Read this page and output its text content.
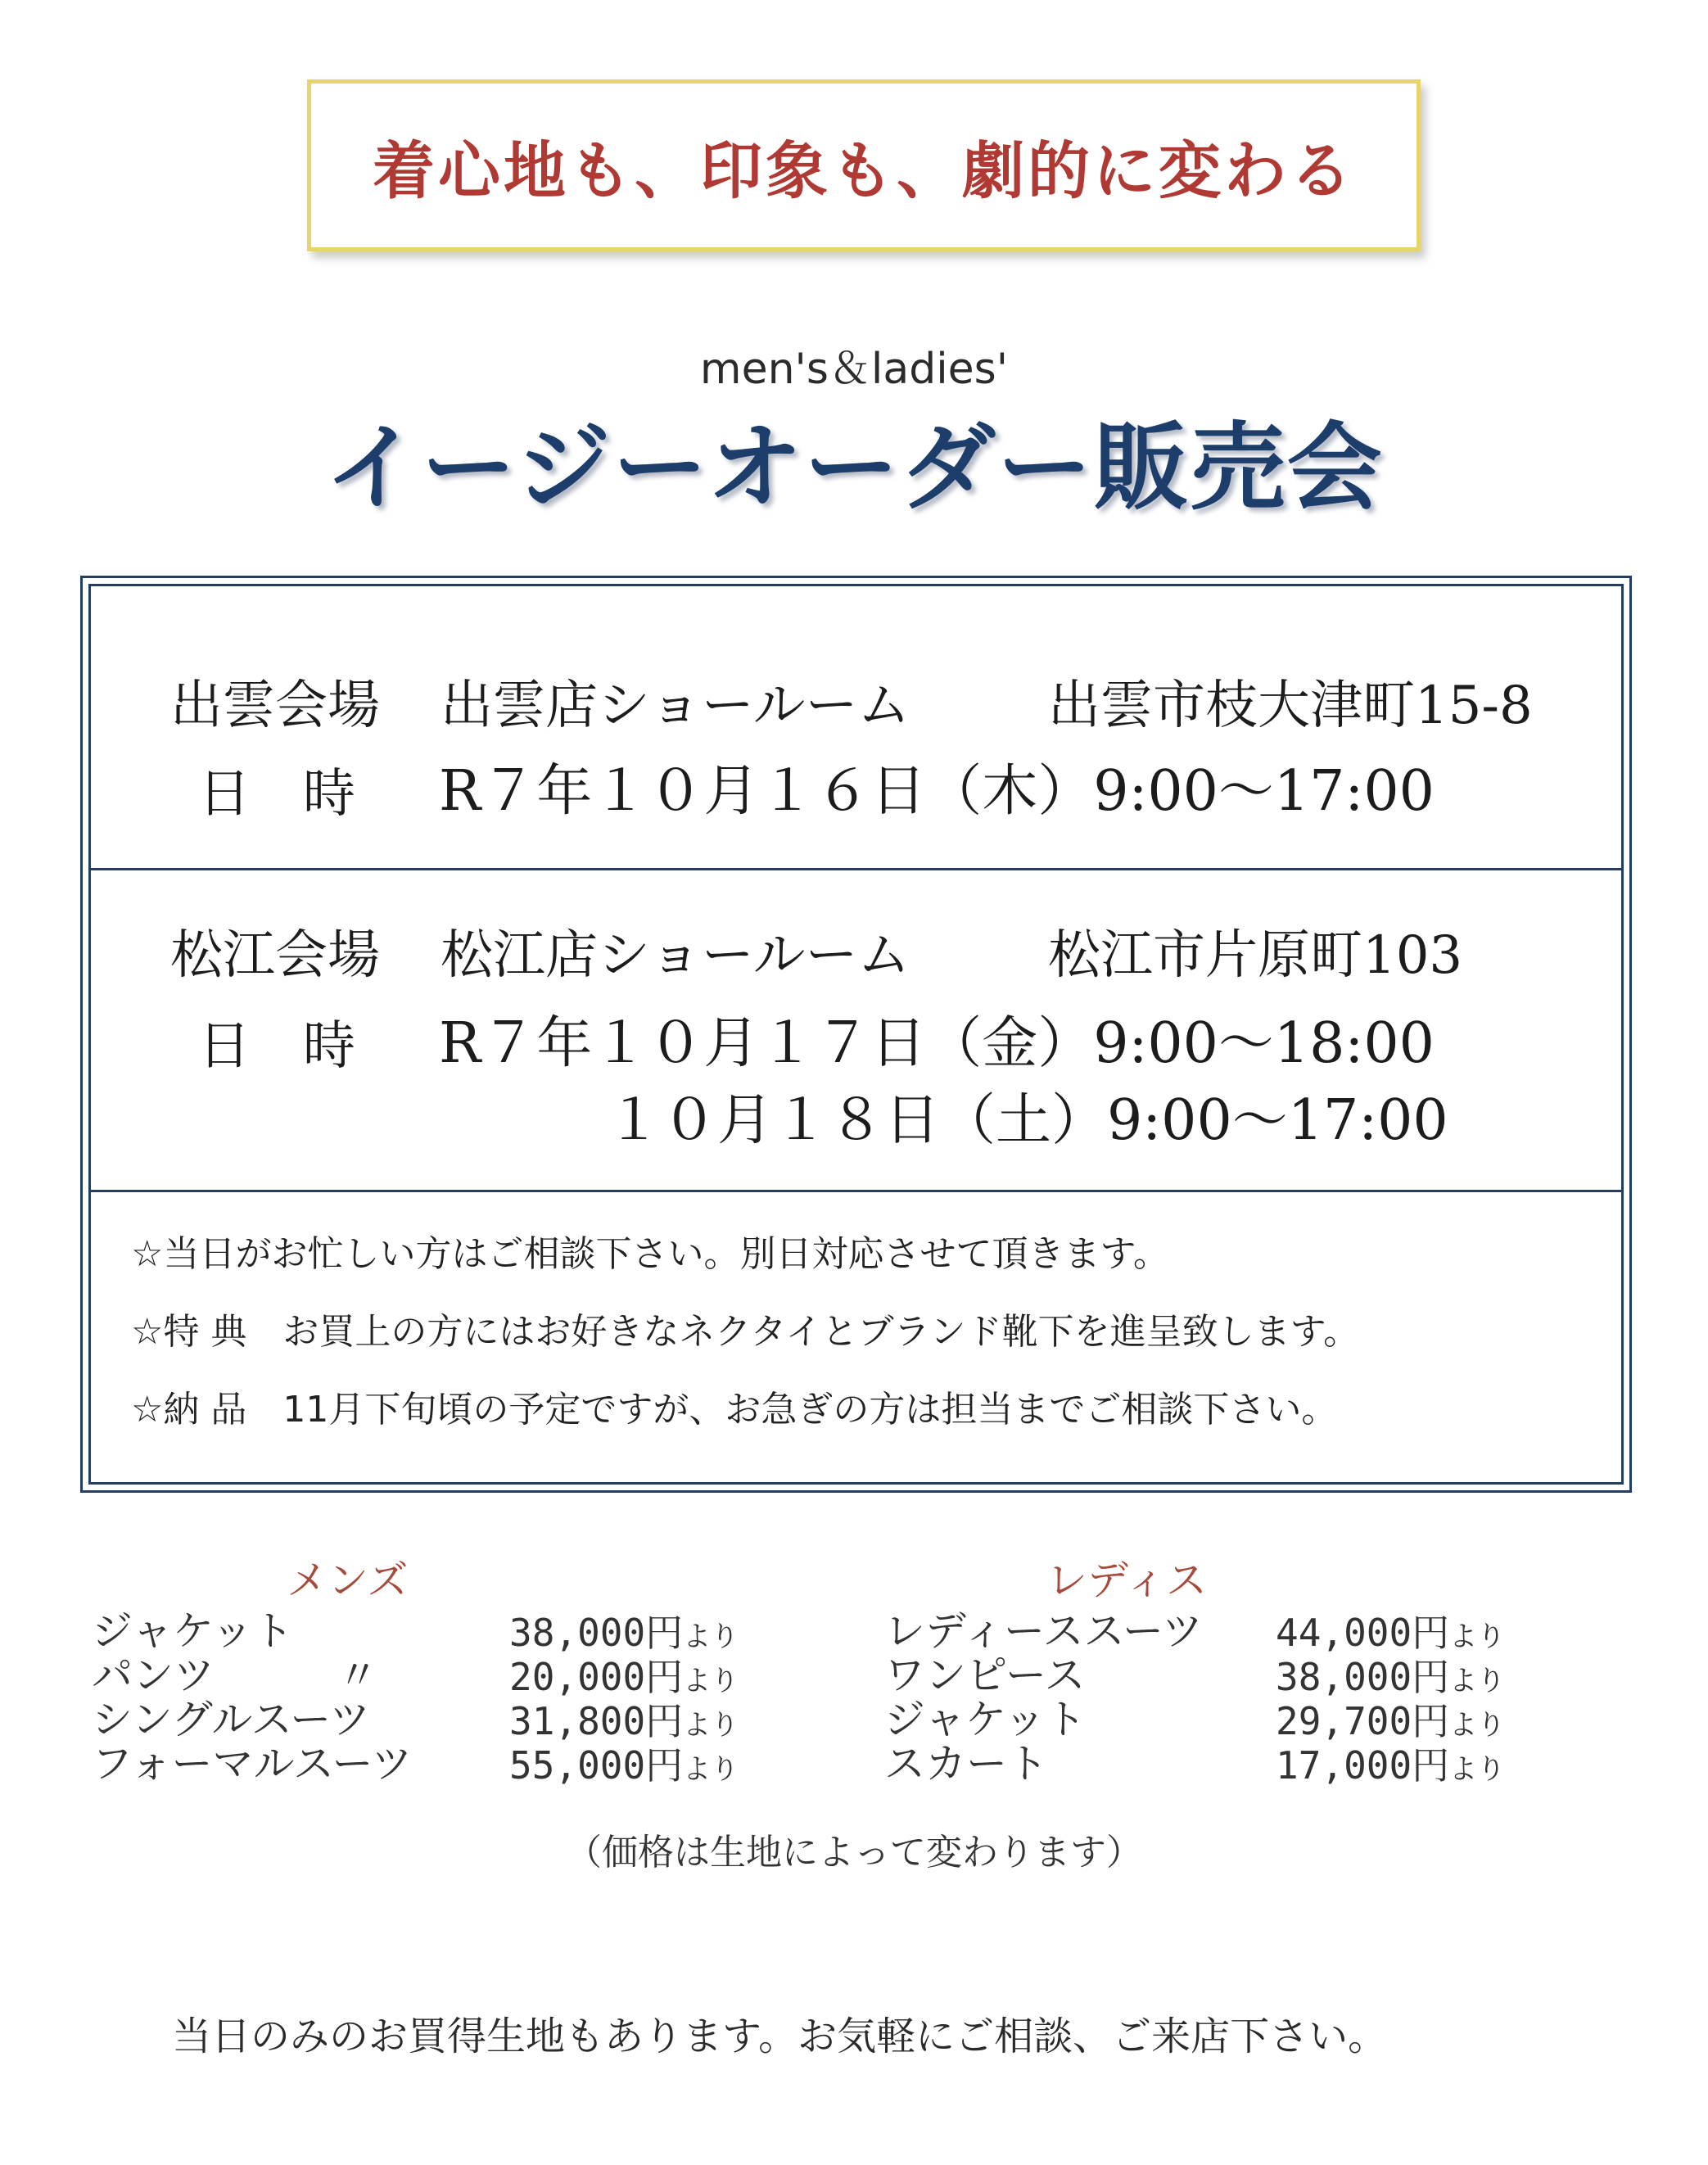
着心地も、印象も、劇的に変わる
men's＆ladies'
イージーオーダー販売会
出雲会場 出雲店ショールーム	出雲市枝大津町15-8
日　時 R７年１０月１６日（木）9:00～17:00
松江会場 松江店ショールーム	松江市片原町103
日　時 R７年１０月１７日（金）9:00～18:00
１０月１８日（土）9:00～17:00
☆当日がお忙しい方はご相談下さい。別日対応させて頂きます。
☆特 典　お買上の方にはお好きなネクタイとブランド靴下を進呈致します。
☆納 品　11月下旬頃の予定ですが、お急ぎの方は担当までご相談下さい。
メンズ
ジャケット	38,000円より
パンツ　　　〃	20,000円より
シングルスーツ	31,800円より
フォーマルスーツ	55,000円より
レディス
レディーススーツ 44,000円より
ワンピース	38,000円より
ジャケット	29,700円より
スカート	17,000円より
（価格は生地によって変わります）
当日のみのお買得生地もあります。お気軽にご相談、ご来店下さい。
